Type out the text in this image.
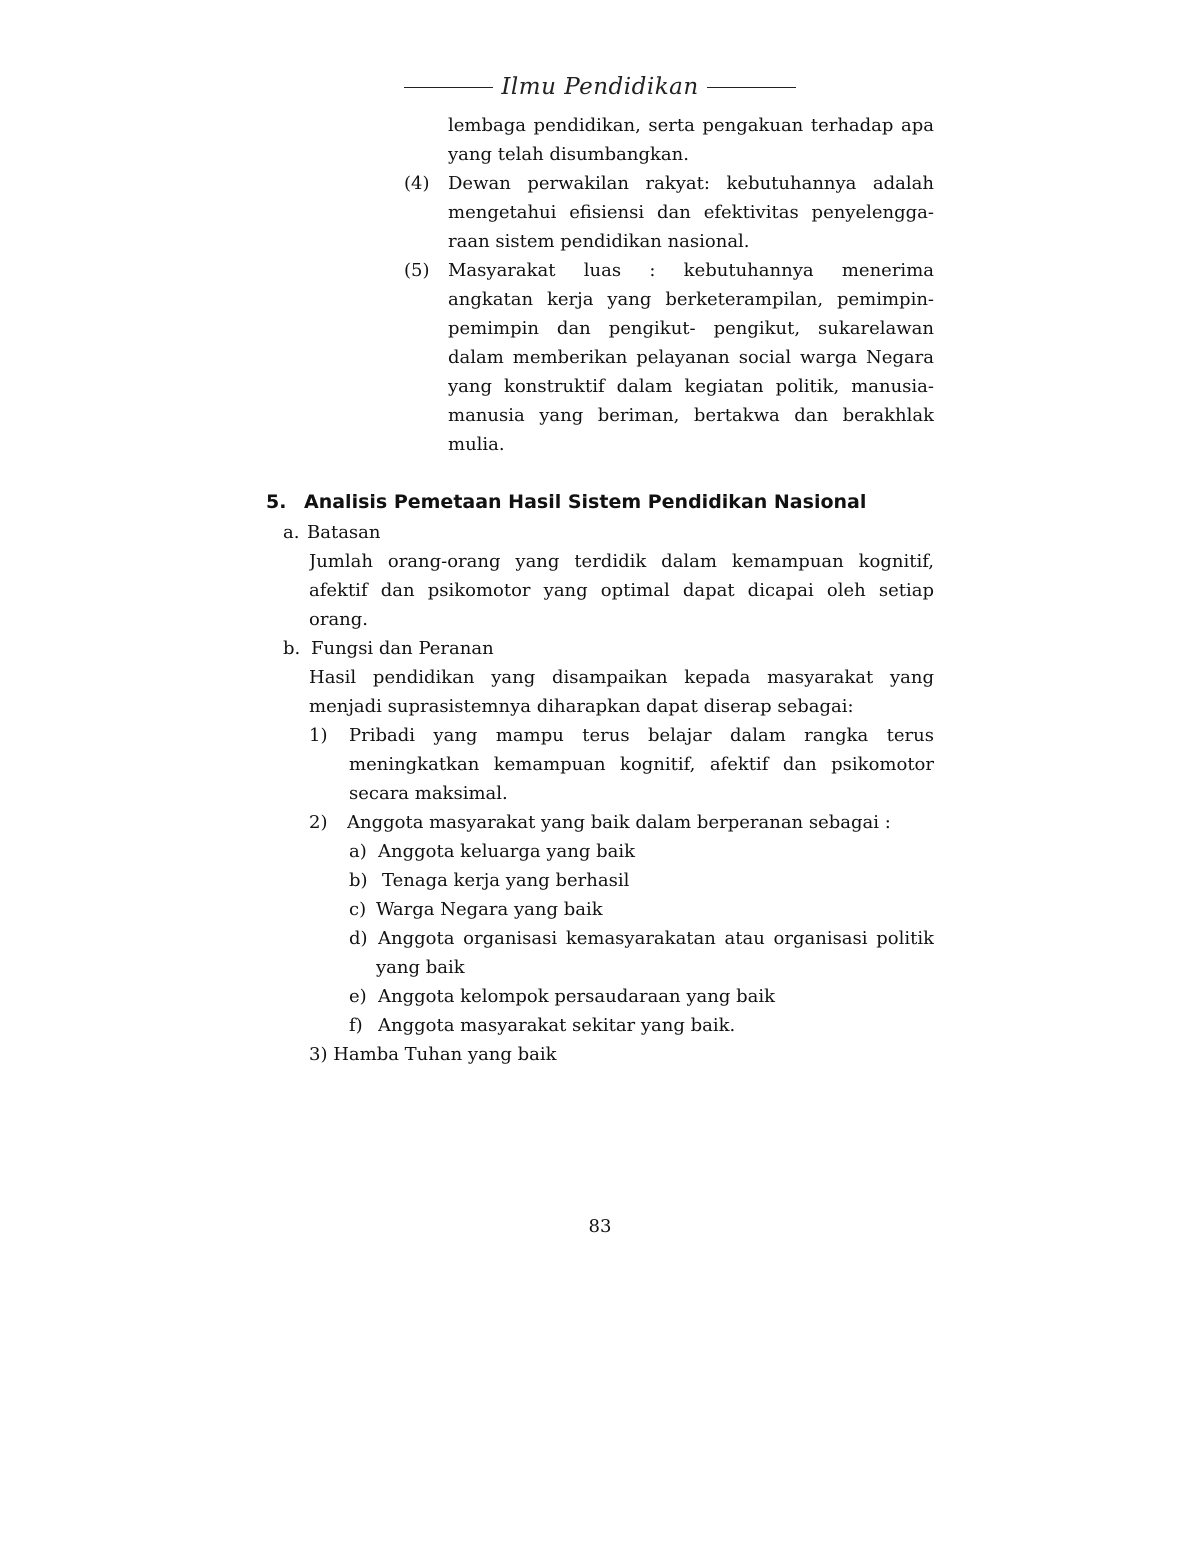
Ilmu Pendidikan
lembaga pendidikan, serta pengakuan terhadap apa
yang telah disumbangkan.
(4) Dewan perwakilan rakyat: kebutuhannya adalah
mengetahui efisiensi dan efektivitas penyelengga-
raan sistem pendidikan nasional.
(5) Masyarakat luas : kebutuhannya menerima
angkatan kerja yang berketerampilan, pemimpin-
pemimpin dan pengikut- pengikut, sukarelawan
dalam memberikan pelayanan social warga Negara
yang konstruktif dalam kegiatan politik, manusia-
manusia yang beriman, bertakwa dan berakhlak
mulia.
5. Analisis Pemetaan Hasil Sistem Pendidikan Nasional
a. Batasan
Jumlah orang-orang yang terdidik dalam kemampuan kognitif,
afektif dan psikomotor yang optimal dapat dicapai oleh setiap
orang.
b. Fungsi dan Peranan
Hasil pendidikan yang disampaikan kepada masyarakat yang
menjadi suprasistemnya diharapkan dapat diserap sebagai:
1) Pribadi yang mampu terus belajar dalam rangka terus
meningkatkan kemampuan kognitif, afektif dan psikomotor
secara maksimal.
2) Anggota masyarakat yang baik dalam berperanan sebagai :
a) Anggota keluarga yang baik
b) Tenaga kerja yang berhasil
c) Warga Negara yang baik
d) Anggota organisasi kemasyarakatan atau organisasi politik
yang baik
e) Anggota kelompok persaudaraan yang baik
f) Anggota masyarakat sekitar yang baik.
3) Hamba Tuhan yang baik
83
